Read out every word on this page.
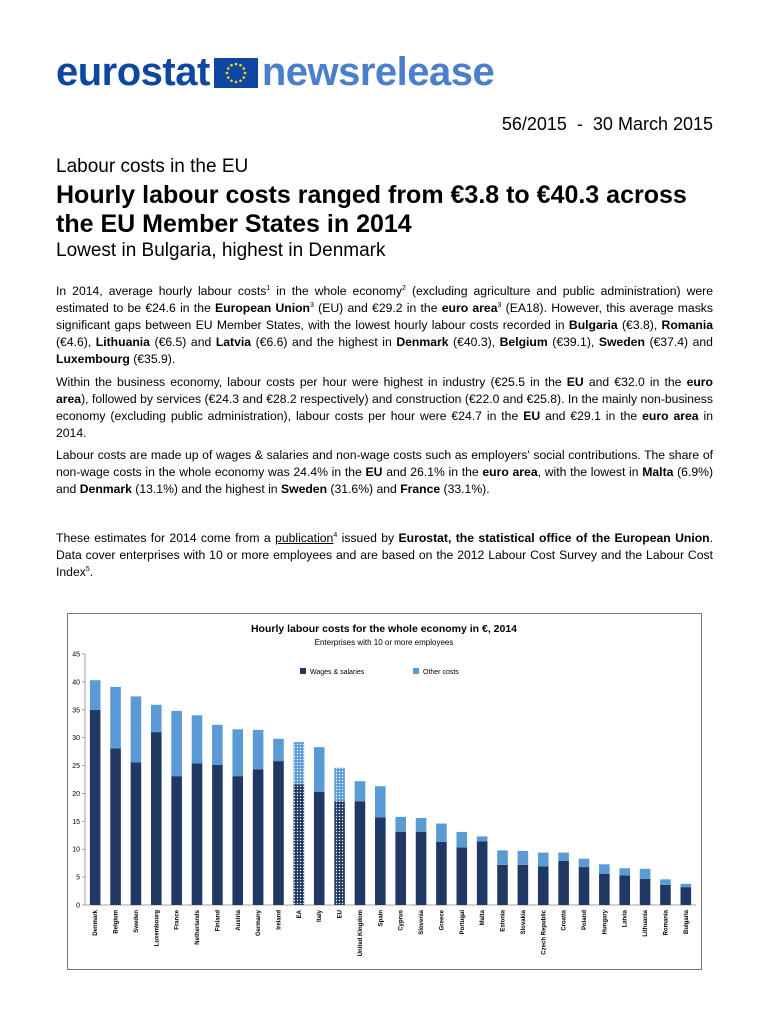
eurostat newsrelease
56/2015 - 30 March 2015
Labour costs in the EU
Hourly labour costs ranged from €3.8 to €40.3 across the EU Member States in 2014
Lowest in Bulgaria, highest in Denmark

In 2014, average hourly labour costs$^1$ in the whole economy$^2$ (excluding agriculture and public administration) were estimated to be €24.6 in the European Union$^3$ (EU) and €29.2 in the euro area$^3$ (EA18). However, this average masks significant gaps between EU Member States, with the lowest hourly labour costs recorded in Bulgaria (€3.8), Romania (€4.6), Lithuania (€6.5) and Latvia (€6.6) and the highest in Denmark (€40.3), Belgium (€39.1), Sweden (€37.4) and Luxembourg (€35.9).

Within the business economy, labour costs per hour were highest in industry (€25.5 in the EU and €32.0 in the euro area), followed by services (€24.3 and €28.2 respectively) and construction (€22.0 and €25.8). In the mainly non-business economy (excluding public administration), labour costs per hour were €24.7 in the EU and €29.1 in the euro area in 2014.

Labour costs are made up of wages & salaries and non-wage costs such as employers' social contributions. The share of non-wage costs in the whole economy was 24.4% in the EU and 26.1% in the euro area, with the lowest in Malta (6.9%) and Denmark (13.1%) and the highest in Sweden (31.6%) and France (33.1%).

These estimates for 2014 come from a publication$^4$ issued by Eurostat, the statistical office of the European Union. Data cover enterprises with 10 or more employees and are based on the 2012 Labour Cost Survey and the Labour Cost Index$^5$.

Hourly labour costs for the whole economy in €, 2014
Enterprises with 10 or more employees
Wages & salaries	Other costs
0
5
10
15
20
25
30
35
40
45
Denmark Belgium Sweden Luxembourg France Netherlands Finland Austria Germany Ireland EA Italy EU United Kingdom Spain Cyprus Slovenia Greece Portugal Malta Estonia Slovakia Czech Republic Croatia Poland Hungary Latvia Lithuania Romania Bulgaria
